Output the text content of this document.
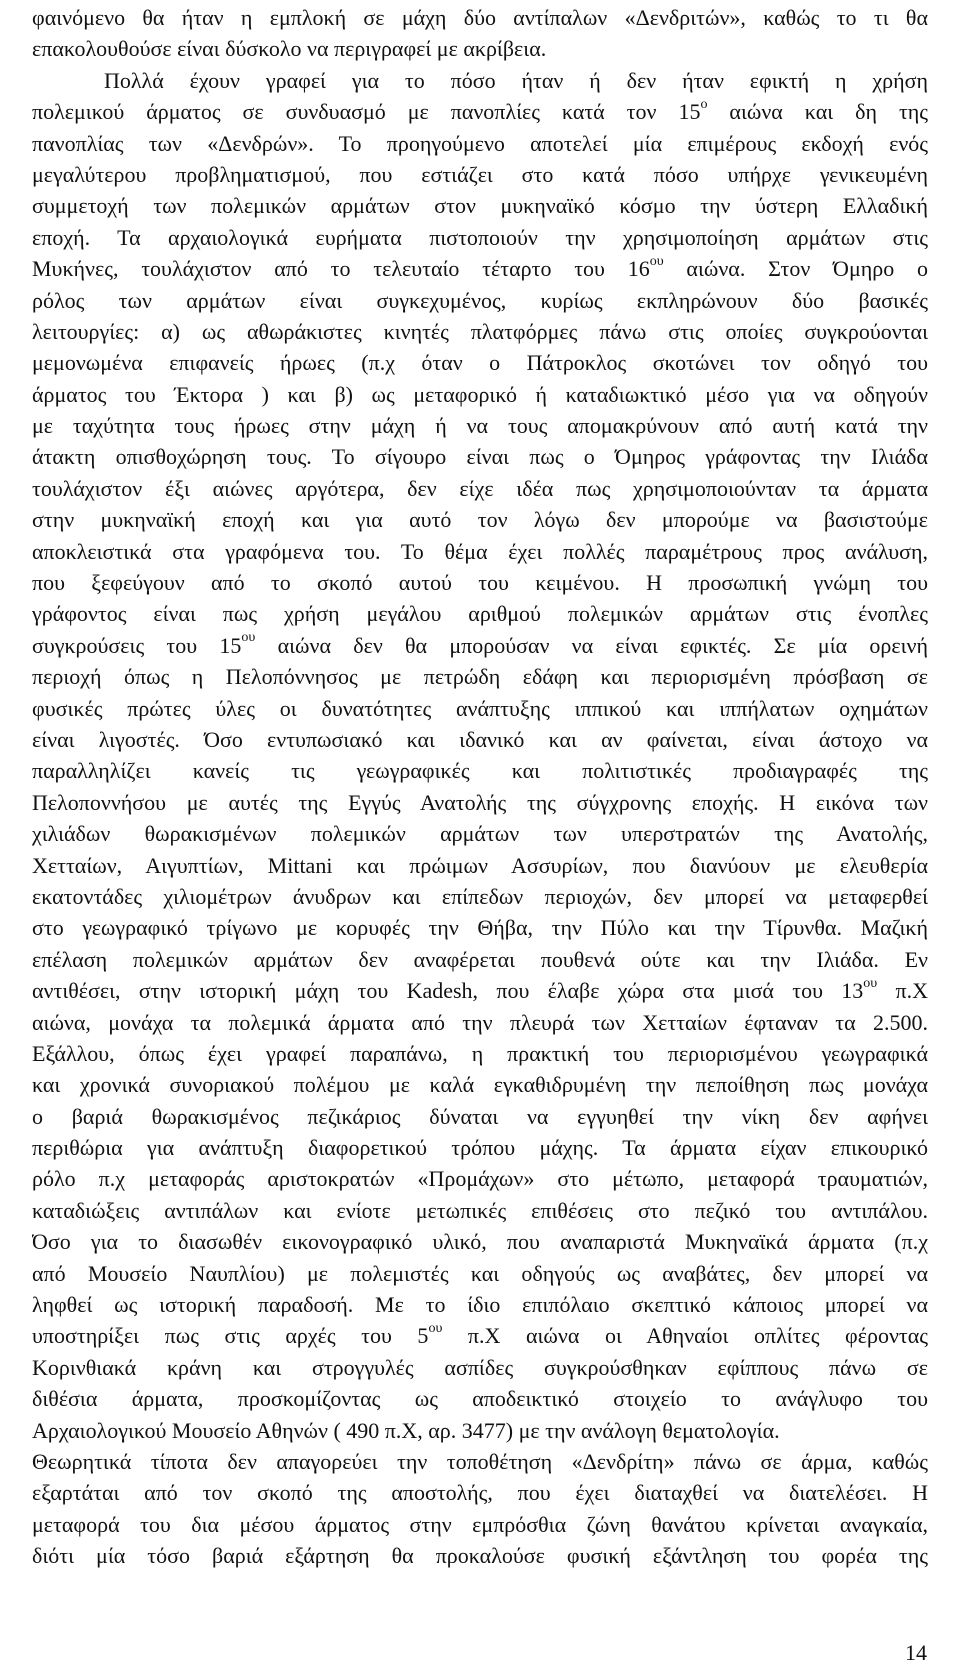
φαινόμενο θα ήταν η εμπλοκή σε μάχη δύο αντίπαλων «Δενδριτών», καθώς το τι θα
επακολουθούσε είναι δύσκολο να περιγραφεί με ακρίβεια.
Πολλά έχουν γραφεί για το πόσο ήταν ή δεν ήταν εφικτή η χρήση
πολεμικού άρματος σε συνδυασμό με πανοπλίες κατά τον $15^o$ αιώνα και δη της
πανοπλίας των «Δενδρών». Το προηγούμενο αποτελεί μία επιμέρους εκδοχή ενός
μεγαλύτερου προβληματισμού, που εστιάζει στο κατά πόσο υπήρχε γενικευμένη
συμμετοχή των πολεμικών αρμάτων στον μυκηναϊκό κόσμο την ύστερη Ελλαδική
εποχή. Τα αρχαιολογικά ευρήματα πιστοποιούν την χρησιμοποίηση αρμάτων στις
Μυκήνες, τουλάχιστον από το τελευταίο τέταρτο του $16^{o\upsilon}$ αιώνα. Στον Όμηρο ο
ρόλος των αρμάτων είναι συγκεχυμένος, κυρίως εκπληρώνουν δύο βασικές
λειτουργίες: α) ως αθωράκιστες κινητές πλατφόρμες πάνω στις οποίες συγκρούονται
μεμονωμένα επιφανείς ήρωες (π.χ όταν ο Πάτροκλος σκοτώνει τον οδηγό του
άρματος του Έκτορα ) και β) ως μεταφορικό ή καταδιωκτικό μέσο για να οδηγούν
με ταχύτητα τους ήρωες στην μάχη ή να τους απομακρύνουν από αυτή κατά την
άτακτη οπισθοχώρηση τους. Το σίγουρο είναι πως ο Όμηρος γράφοντας την Ιλιάδα
τουλάχιστον έξι αιώνες αργότερα, δεν είχε ιδέα πως χρησιμοποιούνταν τα άρματα
στην μυκηναϊκή εποχή και για αυτό τον λόγω δεν μπορούμε να βασιστούμε
αποκλειστικά στα γραφόμενα του. Το θέμα έχει πολλές παραμέτρους προς ανάλυση,
που ξεφεύγουν από το σκοπό αυτού του κειμένου. Η προσωπική γνώμη του
γράφοντος είναι πως χρήση μεγάλου αριθμού πολεμικών αρμάτων στις ένοπλες
συγκρούσεις του $15^{o\upsilon}$ αιώνα δεν θα μπορούσαν να είναι εφικτές. Σε μία ορεινή
περιοχή όπως η Πελοπόννησος με πετρώδη εδάφη και περιορισμένη πρόσβαση σε
φυσικές πρώτες ύλες οι δυνατότητες ανάπτυξης ιππικού και ιππήλατων οχημάτων
είναι λιγοστές. Όσο εντυπωσιακό και ιδανικό και αν φαίνεται, είναι άστοχο να
παραλληλίζει κανείς τις γεωγραφικές και πολιτιστικές προδιαγραφές της
Πελοποννήσου με αυτές της Εγγύς Ανατολής της σύγχρονης εποχής. Η εικόνα των
χιλιάδων θωρακισμένων πολεμικών αρμάτων των υπερστρατών της Ανατολής,
Χετταίων, Αιγυπτίων, Mittani και πρώιμων Ασσυρίων, που διανύουν με ελευθερία
εκατοντάδες χιλιομέτρων άνυδρων και επίπεδων περιοχών, δεν μπορεί να μεταφερθεί
στο γεωγραφικό τρίγωνο με κορυφές την Θήβα, την Πύλο και την Τίρυνθα. Μαζική
επέλαση πολεμικών αρμάτων δεν αναφέρεται πουθενά ούτε και την Ιλιάδα. Εν
αντιθέσει, στην ιστορική μάχη του Kadesh, που έλαβε χώρα στα μισά του $13^{o\upsilon}$ π.Χ
αιώνα, μονάχα τα πολεμικά άρματα από την πλευρά των Χετταίων έφταναν τα 2.500.
Εξάλλου, όπως έχει γραφεί παραπάνω, η πρακτική του περιορισμένου γεωγραφικά
και χρονικά συνοριακού πολέμου με καλά εγκαθιδρυμένη την πεποίθηση πως μονάχα
ο βαριά θωρακισμένος πεζικάριος δύναται να εγγυηθεί την νίκη δεν αφήνει
περιθώρια για ανάπτυξη διαφορετικού τρόπου μάχης. Τα άρματα είχαν επικουρικό
ρόλο π.χ μεταφοράς αριστοκρατών «Προμάχων» στο μέτωπο, μεταφορά τραυματιών,
καταδιώξεις αντιπάλων και ενίοτε μετωπικές επιθέσεις στο πεζικό του αντιπάλου.
Όσο για το διασωθέν εικονογραφικό υλικό, που αναπαριστά Μυκηναϊκά άρματα (π.χ
από Μουσείο Ναυπλίου) με πολεμιστές και οδηγούς ως αναβάτες, δεν μπορεί να
ληφθεί ως ιστορική παραδοσή. Με το ίδιο επιπόλαιο σκεπτικό κάποιος μπορεί να
υποστηρίξει πως στις αρχές του $5^{o\upsilon}$ π.Χ αιώνα οι Αθηναίοι οπλίτες φέροντας
Κορινθιακά κράνη και στρογγυλές ασπίδες συγκρούσθηκαν εφίππους πάνω σε
διθέσια άρματα, προσκομίζοντας ως αποδεικτικό στοιχείο το ανάγλυφο του
Αρχαιολογικού Μουσείο Αθηνών ( 490 π.Χ, αρ. 3477) με την ανάλογη θεματολογία.
Θεωρητικά τίποτα δεν απαγορεύει την τοποθέτηση «Δενδρίτη» πάνω σε άρμα, καθώς
εξαρτάται από τον σκοπό της αποστολής, που έχει διαταχθεί να διατελέσει. Η
μεταφορά του δια μέσου άρματος στην εμπρόσθια ζώνη θανάτου κρίνεται αναγκαία,
διότι μία τόσο βαριά εξάρτηση θα προκαλούσε φυσική εξάντληση του φορέα της
14
